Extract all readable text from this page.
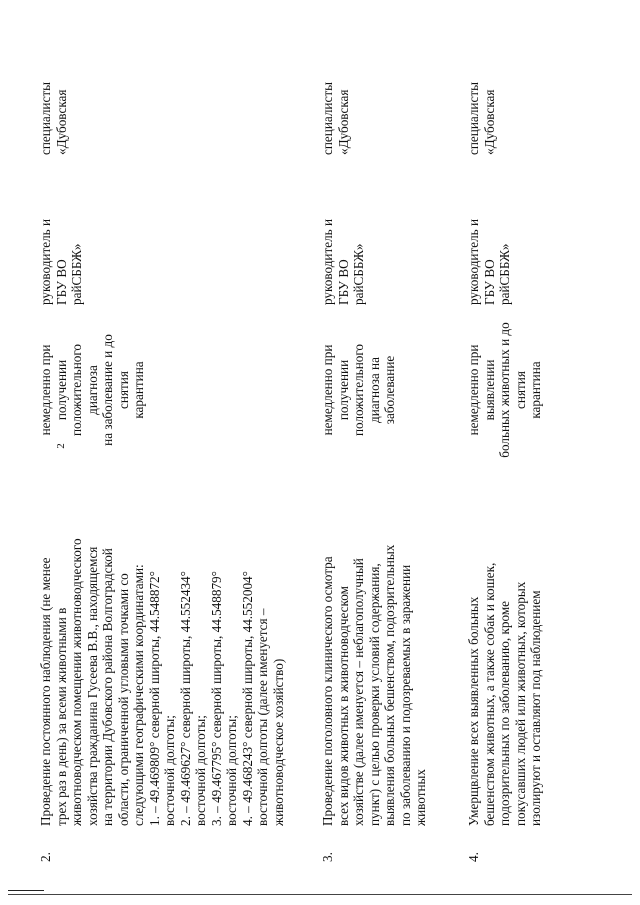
2
2.
Проведение постоянного наблюдения (не менее трех раз в день) за всеми животными в животноводческом помещении животноводческого хозяйства гражданина Гусеева В.В., находящемся на территории Дубовского района Волгоградской области, ограниченной угловыми точками со следующими географическими координатами: 1. – 49.469809° северной широты, 44.548872° восточной долготы; 2. – 49.469627° северной широты, 44.552434° восточной долготы; 3. – 49.467795° северной широты, 44.548879° восточной долготы; 4. – 49.468243° северной широты, 44.552004° восточной долготы (далее именуется – животноводческое хозяйство)
немедленно при получении положительного диагноза на заболевание и до снятия карантина
руководитель и ГБУ ВО райСББЖ»
специалисты «Дубовская
3.
Проведение поголовного клинического осмотра всех видов животных в животноводческом хозяйстве (далее именуется – неблагополучный пункт) с целью проверки условий содержания, выявления больных бешенством, подозрительных по заболеванию и подозреваемых в заражении животных
немедленно при получении положительного диагноза на заболевание
руководитель и ГБУ ВО райСББЖ»
специалисты «Дубовская
4.
Умерщвление всех выявленных больных бешенством животных, а также собак и кошек, подозрительных по заболеванию, кроме покусавших людей или животных, которых изолируют и оставляют под наблюдением
немедленно при выявлении больных животных и до снятия карантина
руководитель и ГБУ ВО райСББЖ»
специалисты «Дубовская
